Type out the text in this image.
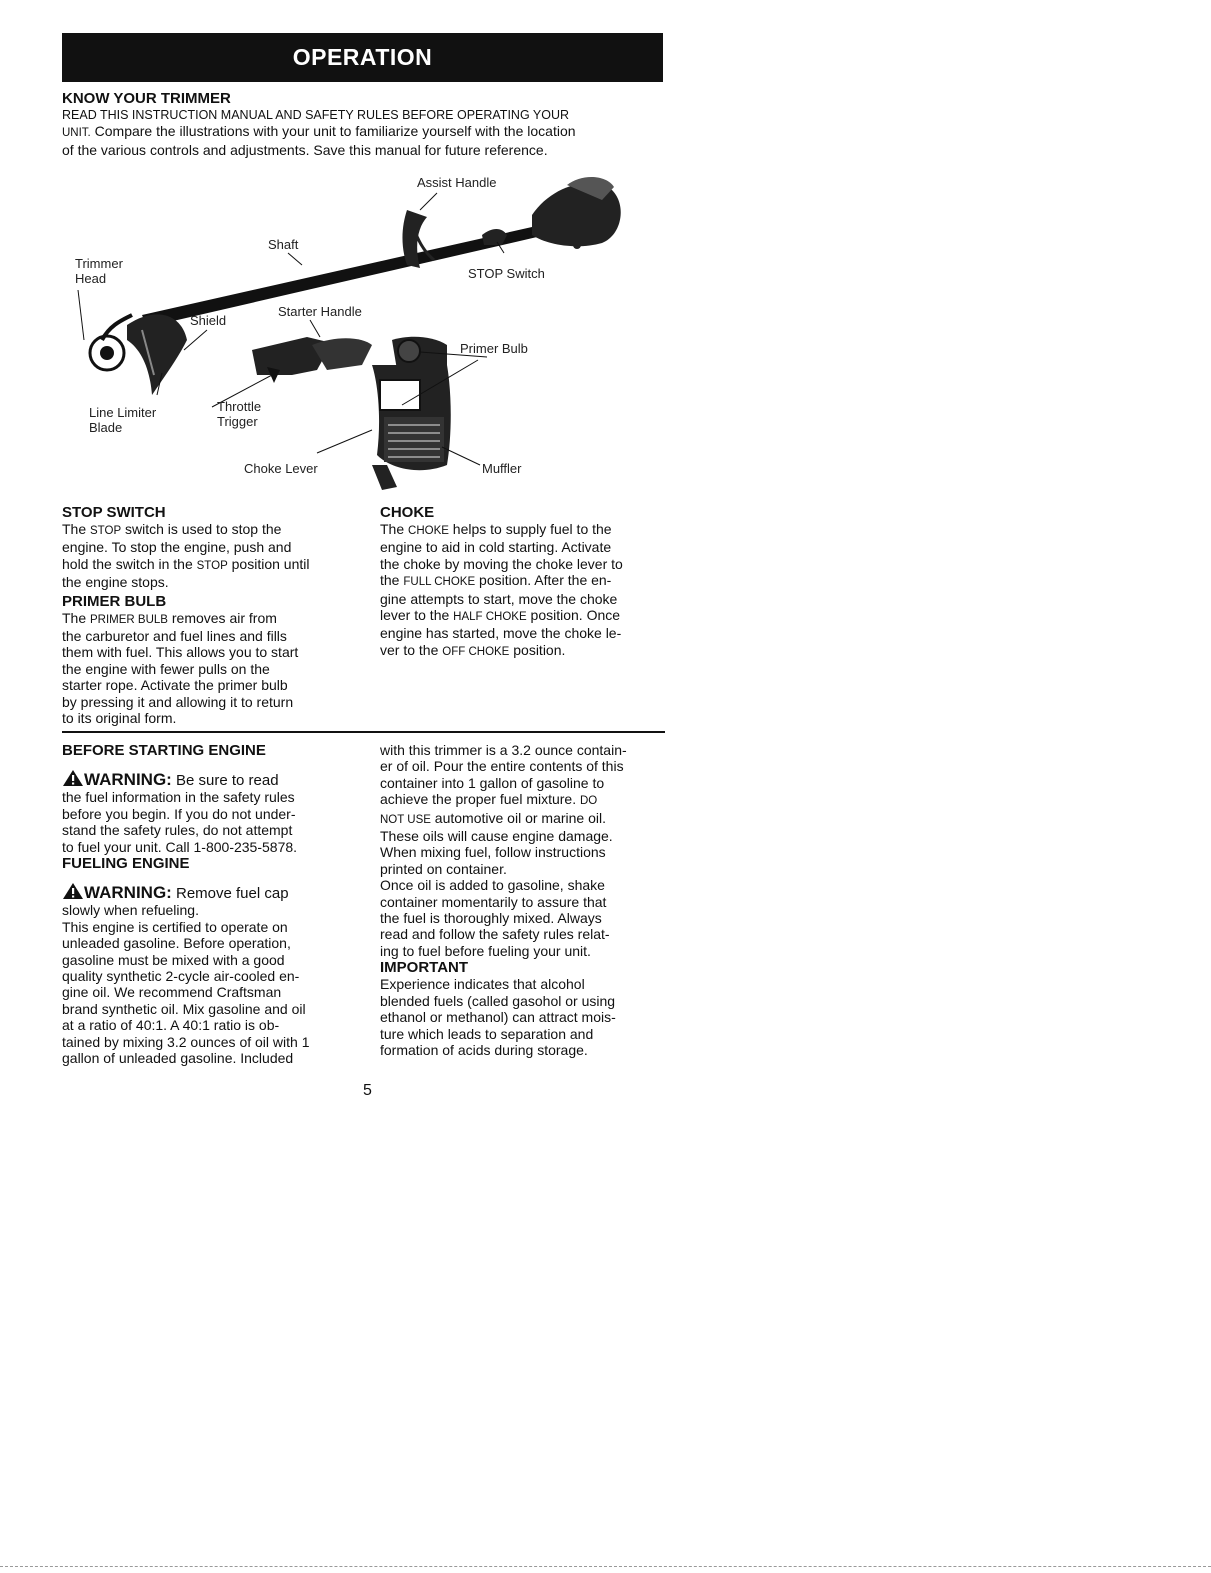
OPERATION

KNOW YOUR TRIMMER

READ THIS INSTRUCTION MANUAL AND SAFETY RULES BEFORE OPERATING YOUR

UNIT. Compare the illustrations with your unit to familiarize yourself with the location

of the various controls and adjustments. Save this manual for future reference.

Assist Handle
Shaft
Trimmer
Head	STOP Switch
Starter Handle
Shield
Primer Bulb
Line Limiter
Blade
Throttle
Trigger
Choke Lever	Muffler

STOP SWITCH

The STOP switch is used to stop the

engine. To stop the engine, push and

hold the switch in the STOP position until

the engine stops.

PRIMER BULB

The PRIMER BULB removes air from

the carburetor and fuel lines and fills

them with fuel. This allows you to start

the engine with fewer pulls on the

starter rope. Activate the primer bulb

by pressing it and allowing it to return

to its original form.

CHOKE

The CHOKE helps to supply fuel to the

engine to aid in cold starting. Activate

the choke by moving the choke lever to

the FULL CHOKE position. After the en-

gine attempts to start, move the choke

lever to the HALF CHOKE position. Once

engine has started, move the choke le-

ver to the OFF CHOKE position.

BEFORE STARTING ENGINE

WARNING: Be sure to read

the fuel information in the safety rules

before you begin. If you do not under-

stand the safety rules, do not attempt

to fuel your unit. Call 1-800-235-5878.

FUELING ENGINE

WARNING: Remove fuel cap

slowly when refueling.

This engine is certified to operate on

unleaded gasoline. Before operation,

gasoline must be mixed with a good

quality synthetic 2-cycle air-cooled en-

gine oil. We recommend Craftsman

brand synthetic oil. Mix gasoline and oil

at a ratio of 40:1. A 40:1 ratio is ob-

tained by mixing 3.2 ounces of oil with 1

gallon of unleaded gasoline. Included

with this trimmer is a 3.2 ounce contain-

er of oil. Pour the entire contents of this

container into 1 gallon of gasoline to

achieve the proper fuel mixture. DO

NOT USE automotive oil or marine oil.

These oils will cause engine damage.

When mixing fuel, follow instructions

printed on container.

Once oil is added to gasoline, shake

container momentarily to assure that

the fuel is thoroughly mixed. Always

read and follow the safety rules relat-

ing to fuel before fueling your unit.

IMPORTANT

Experience indicates that alcohol

blended fuels (called gasohol or using

ethanol or methanol) can attract mois-

ture which leads to separation and

formation of acids during storage.

5
